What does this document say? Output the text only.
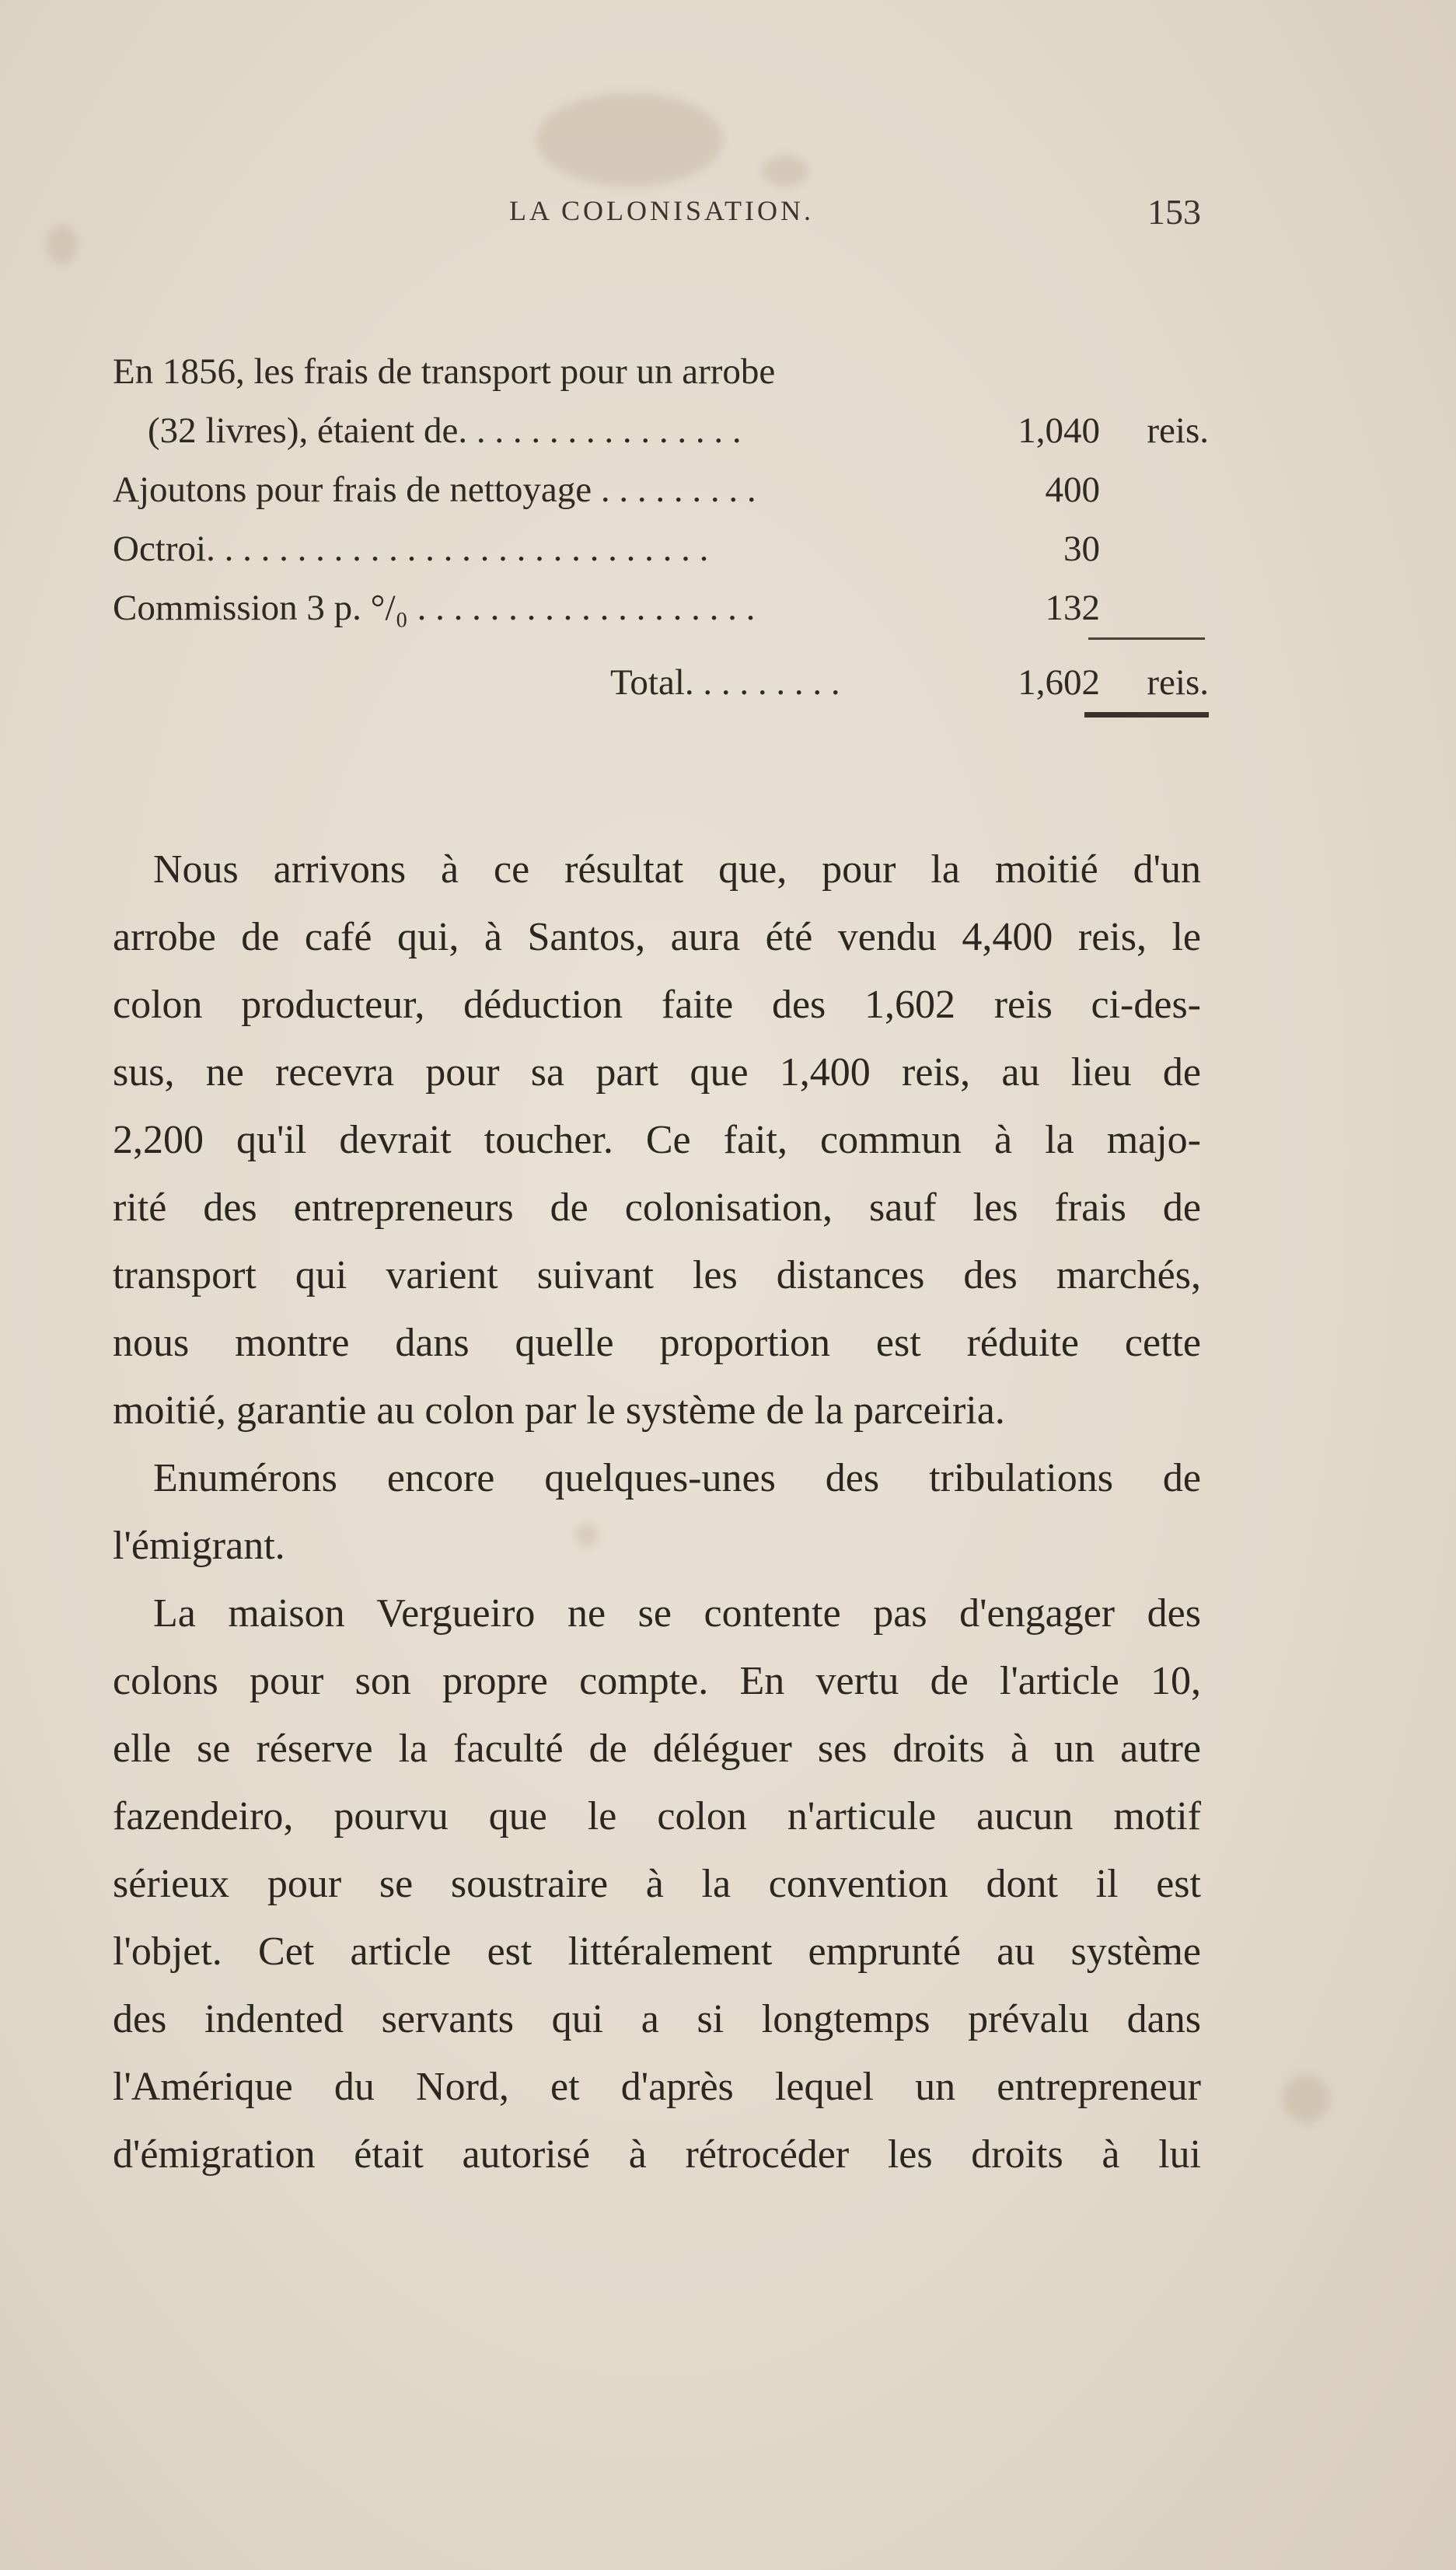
LA COLONISATION.	153
En 1856, les frais de transport pour un arrobe
(32 livres), étaient de. . . . . . . . . . . . . . . .	1,040 reis.
Ajoutons pour frais de nettoyage . . . . . . . . .	400
Octroi. . . . . . . . . . . . . . . . . . . . . . . . . . . .	30
Commission 3 p. °/₀ . . . . . . . . . . . . . . . . . . .	132
Total. . . . . . . . .	1,602 reis.
Nous arrivons à ce résultat que, pour la moitié d'un
arrobe de café qui, à Santos, aura été vendu 4,400 reis, le
colon producteur, déduction faite des 1,602 reis ci-des-
sus, ne recevra pour sa part que 1,400 reis, au lieu de
2,200 qu'il devrait toucher. Ce fait, commun à la majo-
rité des entrepreneurs de colonisation, sauf les frais de
transport qui varient suivant les distances des marchés,
nous montre dans quelle proportion est réduite cette
moitié, garantie au colon par le système de la parceiria.
Enumérons encore quelques-unes des tribulations de
l'émigrant.
La maison Vergueiro ne se contente pas d'engager des
colons pour son propre compte. En vertu de l'article 10,
elle se réserve la faculté de déléguer ses droits à un autre
fazendeiro, pourvu que le colon n'articule aucun motif
sérieux pour se soustraire à la convention dont il est
l'objet. Cet article est littéralement emprunté au système
des indented servants qui a si longtemps prévalu dans
l'Amérique du Nord, et d'après lequel un entrepreneur
d'émigration était autorisé à rétrocéder les droits à lui
